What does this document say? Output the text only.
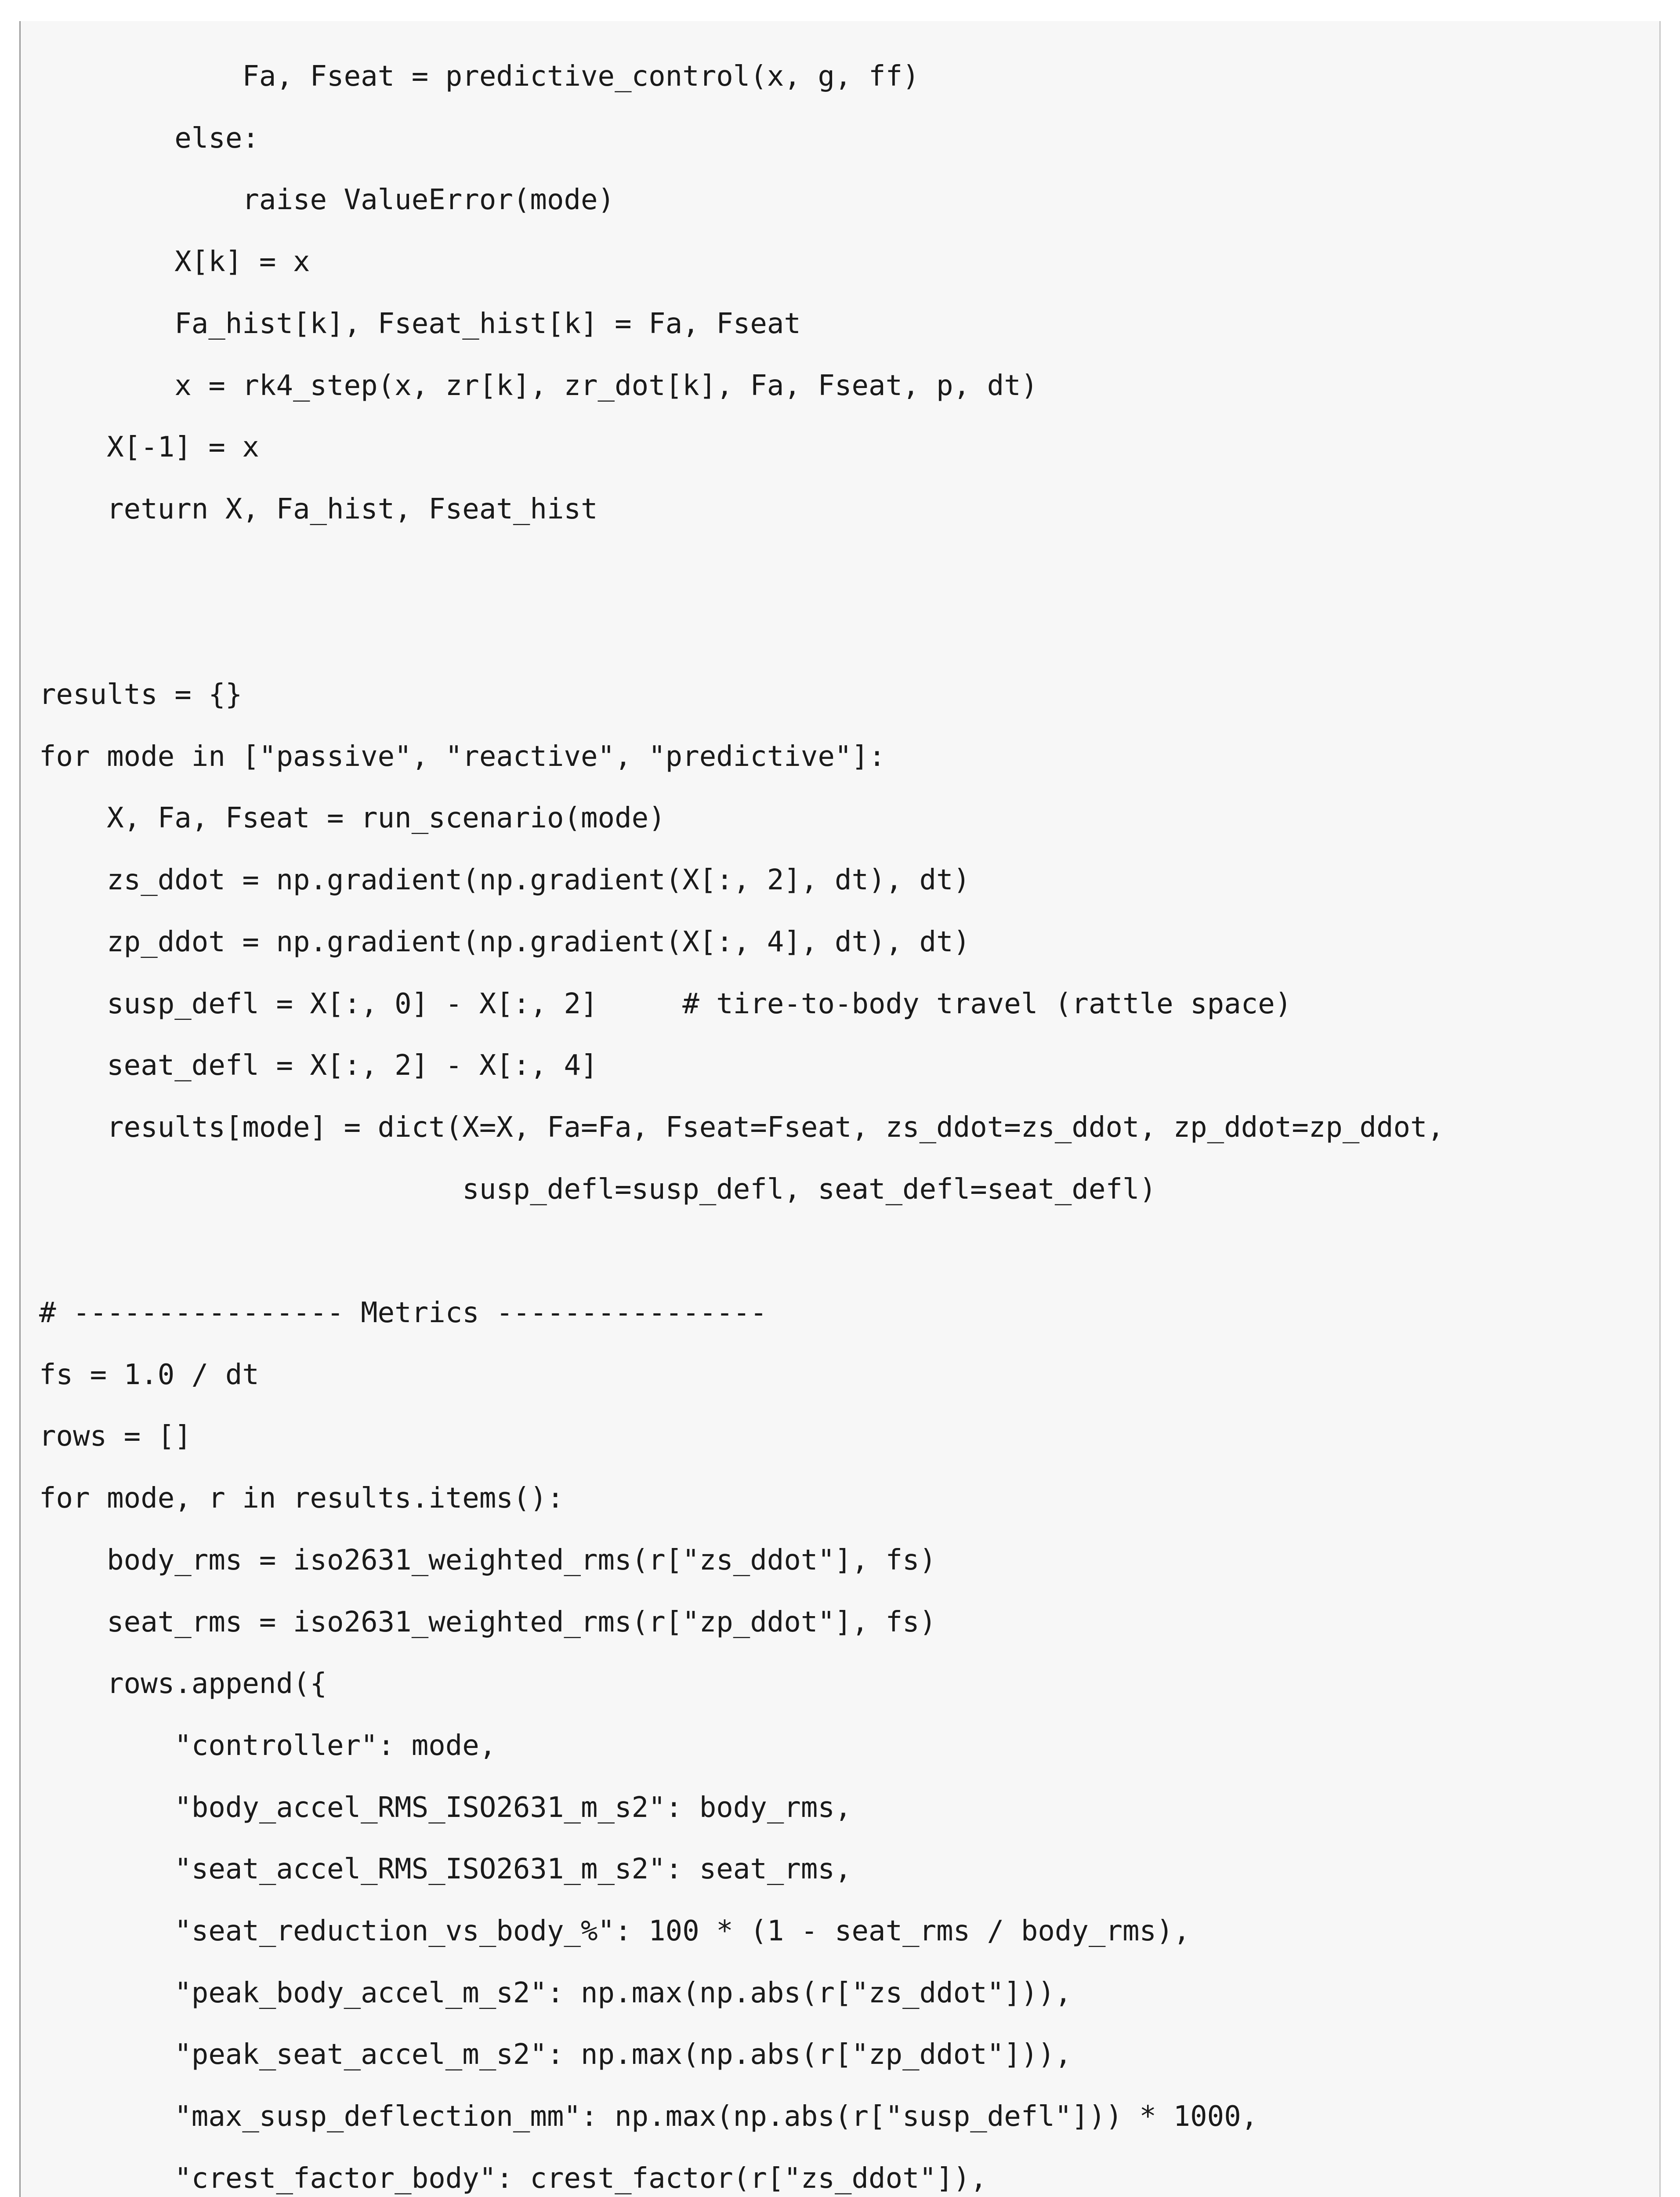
Fa, Fseat = predictive_control(x, g, ff)
else:
raise ValueError(mode)
X[k] = x
Fa_hist[k], Fseat_hist[k] = Fa, Fseat
x = rk4_step(x, zr[k], zr_dot[k], Fa, Fseat, p, dt)
X[-1] = x
return X, Fa_hist, Fseat_hist
results = {}
for mode in ["passive", "reactive", "predictive"]:
X, Fa, Fseat = run_scenario(mode)
zs_ddot = np.gradient(np.gradient(X[:, 2], dt), dt)
zp_ddot = np.gradient(np.gradient(X[:, 4], dt), dt)
susp_defl = X[:, 0] - X[:, 2]     # tire-to-body travel (rattle space)
seat_defl = X[:, 2] - X[:, 4]
results[mode] = dict(X=X, Fa=Fa, Fseat=Fseat, zs_ddot=zs_ddot, zp_ddot=zp_ddot,
susp_defl=susp_defl, seat_defl=seat_defl)
# ---------------- Metrics ----------------
fs = 1.0 / dt
rows = []
for mode, r in results.items():
body_rms = iso2631_weighted_rms(r["zs_ddot"], fs)
seat_rms = iso2631_weighted_rms(r["zp_ddot"], fs)
rows.append({
"controller": mode,
"body_accel_RMS_ISO2631_m_s2": body_rms,
"seat_accel_RMS_ISO2631_m_s2": seat_rms,
"seat_reduction_vs_body_%": 100 * (1 - seat_rms / body_rms),
"peak_body_accel_m_s2": np.max(np.abs(r["zs_ddot"])),
"peak_seat_accel_m_s2": np.max(np.abs(r["zp_ddot"])),
"max_susp_deflection_mm": np.max(np.abs(r["susp_defl"])) * 1000,
"crest_factor_body": crest_factor(r["zs_ddot"]),
